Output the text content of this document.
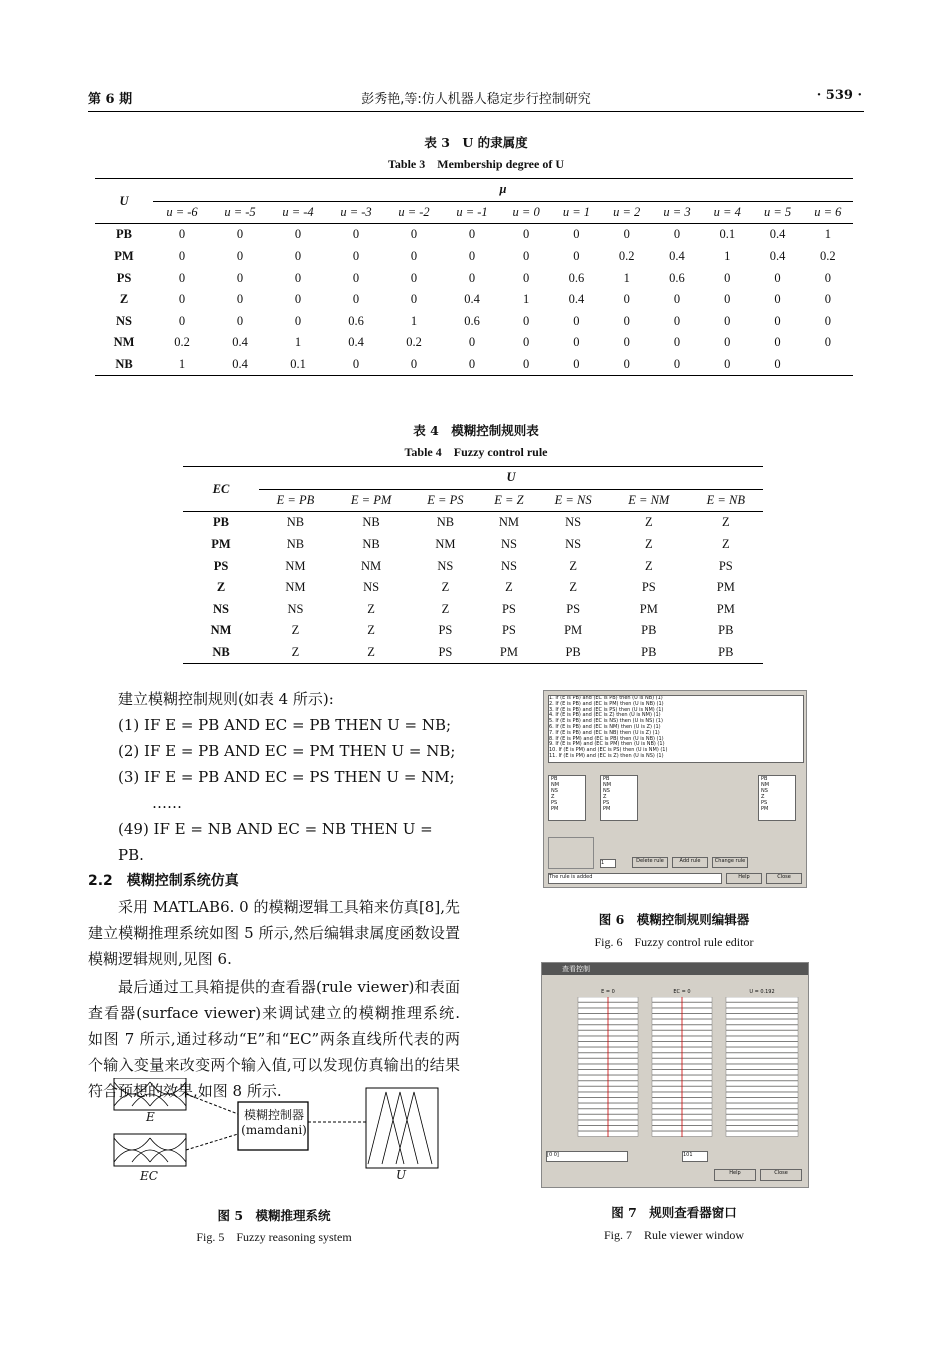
第 6 期	彭秀艳,等:仿人机器人稳定步行控制研究	· 539 ·
表 3　U 的隶属度
Table 3　Membership degree of U
U	μ												
	u = -6	u = -5	u = -4	u = -3	u = -2	u = -1	u = 0	u = 1	u = 2	u = 3	u = 4	u = 5	u = 6
PB	0	0	0	0	0	0	0	0	0	0	0.1	0.4	1
PM	0	0	0	0	0	0	0	0	0.2	0.4	1	0.4	0.2
PS	0	0	0	0	0	0	0	0.6	1	0.6	0	0	0
Z	0	0	0	0	0	0.4	1	0.4	0	0	0	0	0
NS	0	0	0	0.6	1	0.6	0	0	0	0	0	0	0
NM	0.2	0.4	1	0.4	0.2	0	0	0	0	0	0	0	0
NB	1	0.4	0.1	0	0	0	0	0	0	0	0	0	
表 4　模糊控制规则表
Table 4　Fuzzy control rule
EC	U						
	E = PB	E = PM	E = PS	E = Z	E = NS	E = NM	E = NB
PB	NB	NB	NB	NM	NS	Z	Z
PM	NB	NB	NM	NS	NS	Z	Z
PS	NM	NM	NS	NS	Z	Z	PS
Z	NM	NS	Z	Z	Z	PS	PM
NS	NS	Z	Z	PS	PS	PM	PM
NM	Z	Z	PS	PS	PM	PB	PB
NB	Z	Z	PS	PM	PB	PB	PB
建立模糊控制规则(如表 4 所示):
(1) IF E = PB AND EC = PB THEN U = NB;
(2) IF E = PB AND EC = PM THEN U = NB;
(3) IF E = PB AND EC = PS THEN U = NM;
……
(49) IF E = NB AND EC = NB THEN U = PB.
2.2　模糊控制系统仿真
采用 MATLAB6. 0 的模糊逻辑工具箱来仿真[8],先建立模糊推理系统如图 5 所示,然后编辑隶属度函数设置模糊逻辑规则,见图 6.
最后通过工具箱提供的查看器(rule viewer)和表面查看器(surface viewer)来调试建立的模糊推理系统. 如图 7 所示,通过移动“E”和“EC”两条直线所代表的两个输入变量来改变两个输入值,可以发现仿真输出的结果符合预想的效果,如图 8 所示.
E
EC	U
模糊控制器
(mamdani)
图 5　模糊推理系统
Fig. 5　Fuzzy reasoning system
1. If (E is PB) and (EC is PB) then (U is NB) (1)
2. If (E is PB) and (EC is PM) then (U is NB) (1)
3. If (E is PB) and (EC is PS) then (U is NM) (1)
4. If (E is PB) and (EC is Z) then (U is NM) (1)
5. If (E is PB) and (EC is NS) then (U is NS) (1)
6. If (E is PB) and (EC is NM) then (U is Z) (1)
7. If (E is PB) and (EC is NB) then (U is Z) (1)
8. If (E is PM) and (EC is PB) then (U is NB) (1)
9. If (E is PM) and (EC is PM) then (U is NB) (1)
10. If (E is PM) and (EC is PS) then (U is NM) (1)
11. If (E is PM) and (EC is Z) then (U is NS) (1)
PB
NM
NS
Z
PS
PM
PB
NM
NS
Z
PS
PM
PB
NM
NS
Z
PS
PM
1	Delete rule	Add rule	Change rule
The rule is added	Help	Close
图 6　模糊控制规则编辑器
Fig. 6　Fuzzy control rule editor
查看控制
E = 0	EC = 0	U = 0.192
[0 0]	101
Help	Close
图 7　规则查看器窗口
Fig. 7　Rule viewer window
